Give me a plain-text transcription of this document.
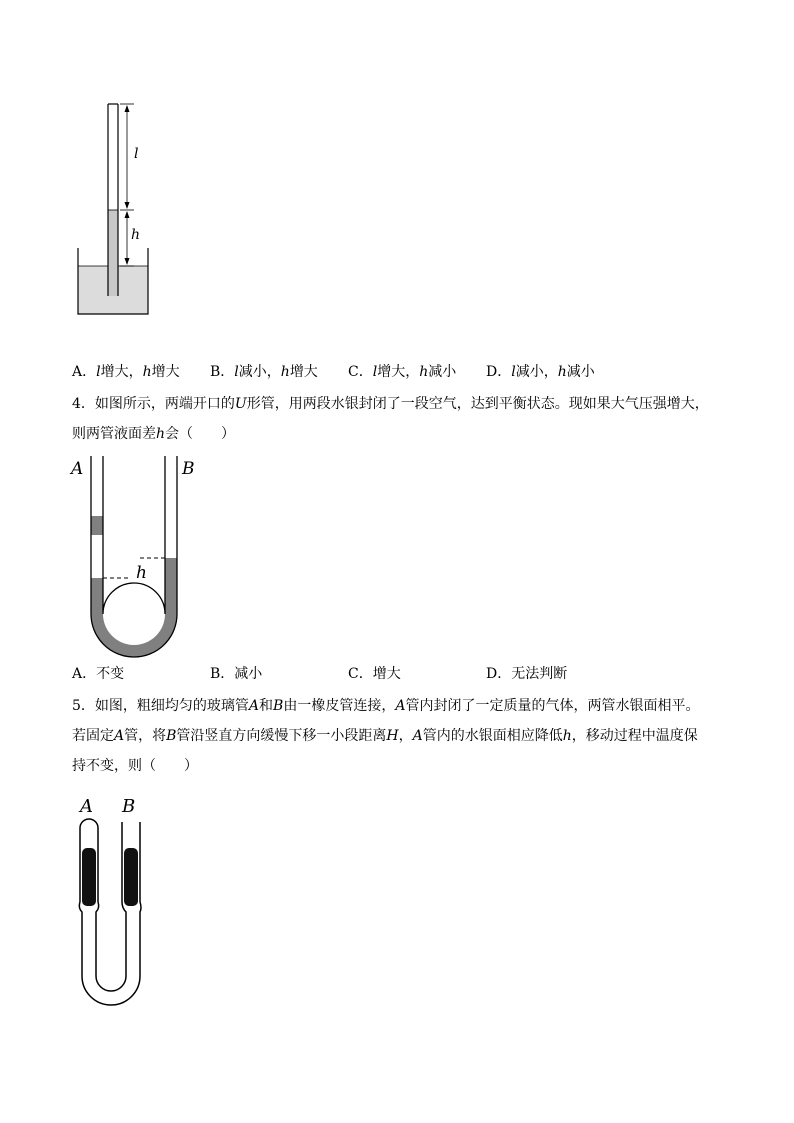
l
h
A．l增大，h增大 B．l减小，h增大 C．l增大，h减小 D．l减小，h减小
4．如图所示，两端开口的U形管，用两段水银封闭了一段空气，达到平衡状态。现如果大气压强增大，
则两管液面差h会（　　）
A	B
h
A．不变	B．减小	C．增大	D．无法判断
5．如图，粗细均匀的玻璃管A和B由一橡皮管连接，A管内封闭了一定质量的气体，两管水银面相平。
若固定A管，将B管沿竖直方向缓慢下移一小段距离H，A管内的水银面相应降低h，移动过程中温度保
持不变，则（　　）
A B
